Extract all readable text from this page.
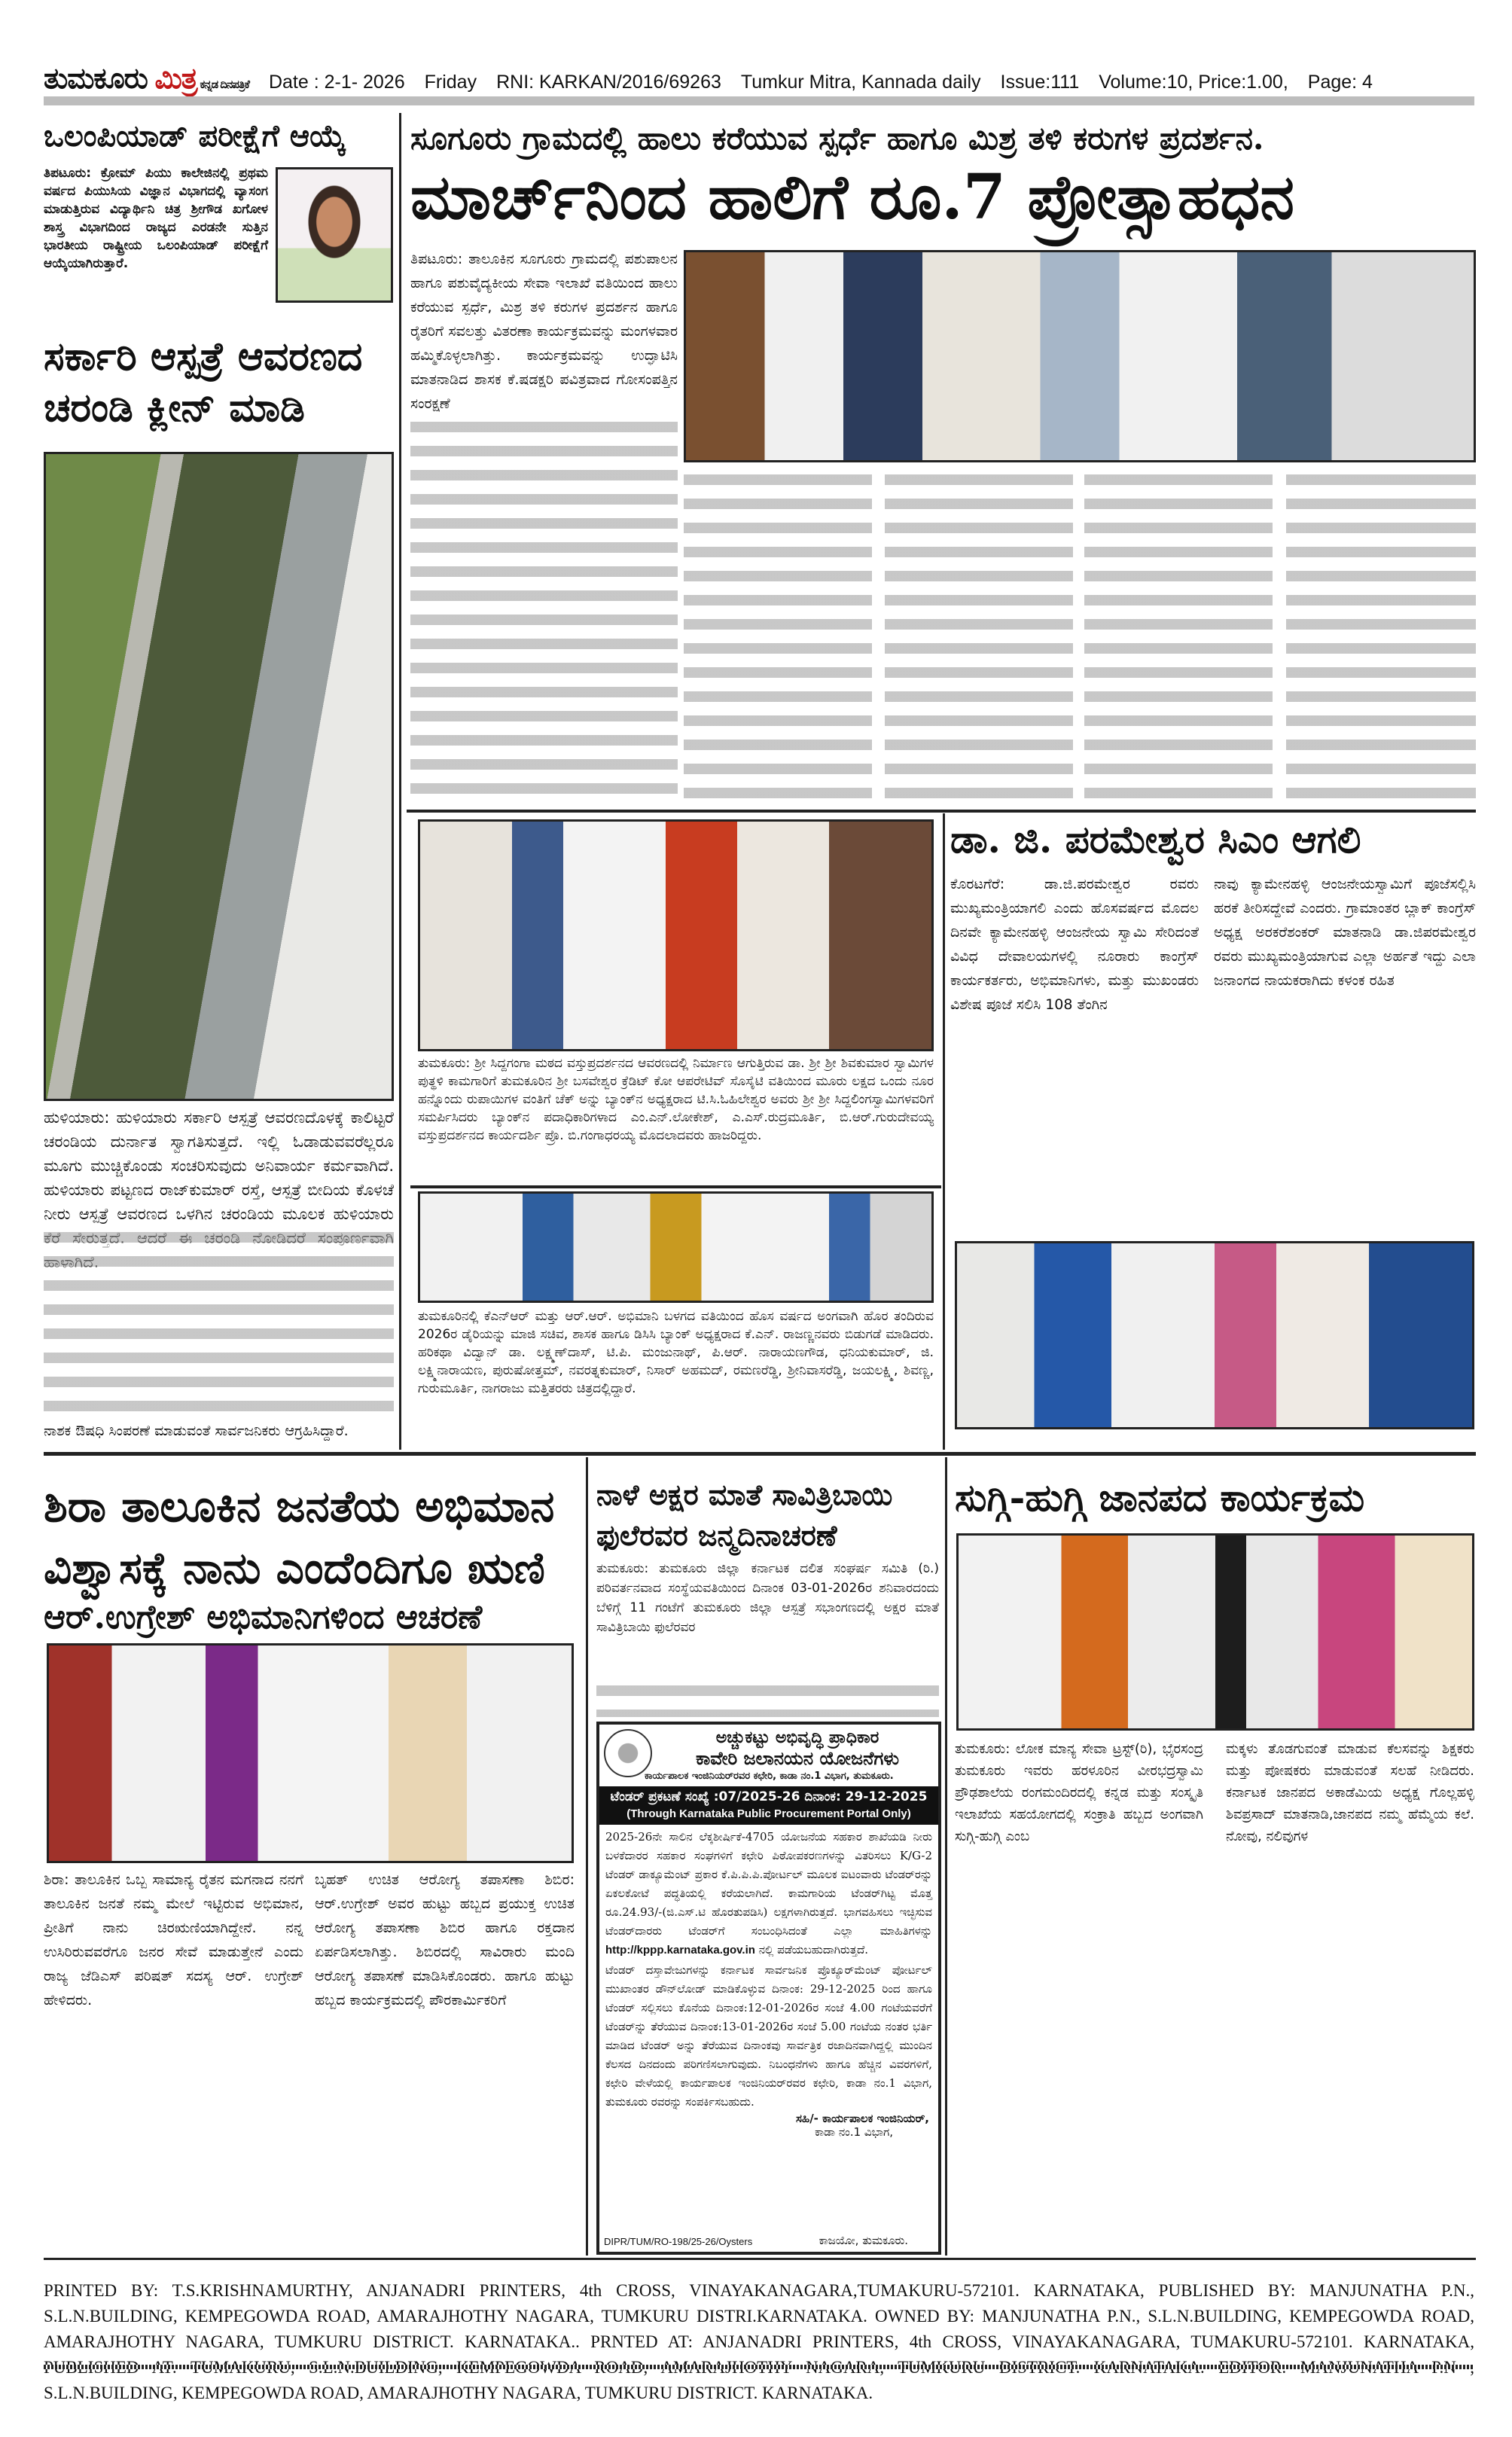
ತುಮಕೂರು ಮಿತ್ರ ಕನ್ನಡ ದಿನಪತ್ರಿಕೆ Date : 2-1- 2026 Friday RNI: KARKAN/2016/69263 Tumkur Mitra, Kannada daily Issue:111 Volume:10, Price:1.00, Page: 4
ಒಲಂಪಿಯಾಡ್ ಪರೀಕ್ಷೆಗೆ ಆಯ್ಕೆ
ತಿಪಟೂರು: ಕ್ರೋಮ್ ಪಿಯು ಕಾಲೇಜಿನಲ್ಲಿ ಪ್ರಥಮ ವರ್ಷದ ಪಿಯುಸಿಯ ವಿಜ್ಞಾನ ವಿಭಾಗದಲ್ಲಿ ವ್ಯಾಸಂಗ ಮಾಡುತ್ತಿರುವ ವಿದ್ಯಾರ್ಥಿನಿ ಚಿತ್ರ ಶ್ರೀಗೌಡ ಖಗೋಳ ಶಾಸ್ತ್ರ ವಿಭಾಗದಿಂದ ರಾಜ್ಯದ ಎರಡನೇ ಸುತ್ತಿನ ಭಾರತೀಯ ರಾಷ್ಟ್ರೀಯ ಒಲಂಪಿಯಾಡ್ ಪರೀಕ್ಷೆಗೆ ಆಯ್ಕೆಯಾಗಿರುತ್ತಾರೆ.
ಸರ್ಕಾರಿ ಆಸ್ಪತ್ರೆ ಆವರಣದ ಚರಂಡಿ ಕ್ಲೀನ್ ಮಾಡಿ
ಹುಳಿಯಾರು: ಹುಳಿಯಾರು ಸರ್ಕಾರಿ ಆಸ್ಪತ್ರೆ ಆವರಣದೊಳಕ್ಕೆ ಕಾಲಿಟ್ಟರೆ ಚರಂಡಿಯ ದುರ್ನಾತ ಸ್ವಾಗತಿಸುತ್ತದೆ. ಇಲ್ಲಿ ಓಡಾಡುವವರೆಲ್ಲರೂ ಮೂಗು ಮುಚ್ಚಿಕೊಂಡು ಸಂಚರಿಸುವುದು ಅನಿವಾರ್ಯ ಕರ್ಮವಾಗಿದೆ. ಹುಳಿಯಾರು ಪಟ್ಟಣದ ರಾಜ್‌ಕುಮಾರ್ ರಸ್ತೆ, ಆಸ್ಪತ್ರೆ ಬೀದಿಯ ಕೊಳಚೆ ನೀರು ಆಸ್ಪತ್ರೆ ಆವರಣದ ಒಳಗಿನ ಚರಂಡಿಯ ಮೂಲಕ ಹುಳಿಯಾರು
ನಾಶಕ ಔಷಧಿ ಸಿಂಪರಣೆ ಮಾಡುವಂತೆ ಸಾರ್ವಜನಿಕರು ಆಗ್ರಹಿಸಿದ್ದಾರೆ.
ಸೂಗೂರು ಗ್ರಾಮದಲ್ಲಿ ಹಾಲು ಕರೆಯುವ ಸ್ಪರ್ಧೆ ಹಾಗೂ ಮಿಶ್ರ ತಳಿ ಕರುಗಳ ಪ್ರದರ್ಶನ.
ಮಾರ್ಚ್‌ನಿಂದ ಹಾಲಿಗೆ ರೂ.7 ಪ್ರೋತ್ಸಾಹಧನ
ತಿಪಟೂರು: ತಾಲೂಕಿನ ಸೂಗೂರು ಗ್ರಾಮದಲ್ಲಿ ಪಶುಪಾಲನ ಹಾಗೂ ಪಶುವೈದ್ಯಕೀಯ ಸೇವಾ ಇಲಾಖೆ ವತಿಯಿಂದ ಹಾಲು ಕರೆಯುವ ಸ್ಪರ್ಧೆ, ಮಿಶ್ರ ತಳಿ ಕರುಗಳ ಪ್ರದರ್ಶನ ಹಾಗೂ ರೈತರಿಗೆ ಸವಲತ್ತು ವಿತರಣಾ ಕಾರ್ಯಕ್ರಮವನ್ನು ಮಂಗಳವಾರ ಹಮ್ಮಿಕೊಳ್ಳಲಾಗಿತ್ತು. ಕಾರ್ಯಕ್ರಮವನ್ನು ಉದ್ಘಾಟಿಸಿ ಮಾತನಾಡಿದ ಶಾಸಕ ಕೆ.ಷಡಕ್ಷರಿ ಪವಿತ್ರವಾದ ಗೋಸಂಪತ್ತಿನ ಸಂರಕ್ಷಣೆ
ತುಮಕೂರು: ಶ್ರೀ ಸಿದ್ದಗಂಗಾ ಮಠದ ವಸ್ತುಪ್ರದರ್ಶನದ ಆವರಣದಲ್ಲಿ ನಿರ್ಮಾಣ ಆಗುತ್ತಿರುವ ಡಾ. ಶ್ರೀ ಶ್ರೀ ಶಿವಕುಮಾರ ಸ್ವಾಮಿಗಳ ಪುತ್ಥಳಿ ಕಾಮಗಾರಿಗೆ ತುಮಕೂರಿನ ಶ್ರೀ ಬಸವೇಶ್ವರ ಕ್ರೆಡಿಟ್ ಕೋ ಆಪರೇಟಿವ್ ಸೊಸೈಟಿ ವತಿಯಿಂದ ಮೂರು ಲಕ್ಷದ ಒಂದು ನೂರ ಹನ್ನೊಂದು ರುಪಾಯಿಗಳ ವಂತಿಗೆ ಚೆಕ್ ಅನ್ನು ಬ್ಯಾಂಕ್‌ನ ಅಧ್ಯಕ್ಷರಾದ ಟಿ.ಸಿ.ಓಹಿಲೇಶ್ವರ ಅವರು ಶ್ರೀ ಶ್ರೀ ಸಿದ್ದಲಿಂಗಸ್ವಾಮಿಗಳವರಿಗೆ ಸಮರ್ಪಿಸಿದರು ಬ್ಯಾಂಕ್‌ನ ಪದಾಧಿಕಾರಿಗಳಾದ ಎಂ.ಎನ್.ಲೋಕೇಶ್, ಎ.ಎಸ್.ರುದ್ರಮೂರ್ತಿ, ಬಿ.ಆರ್.ಗುರುದೇವಯ್ಯ ವಸ್ತುಪ್ರದರ್ಶನದ ಕಾರ್ಯದರ್ಶಿ ಪ್ರೊ. ಬಿ.ಗಂಗಾಧರಯ್ಯ ಮೊದಲಾದವರು ಹಾಜರಿದ್ದರು.
ತುಮಕೂರಿನಲ್ಲಿ ಕೆಎನ್‌ಆರ್ ಮತ್ತು ಆರ್.ಆರ್. ಅಭಿಮಾನಿ ಬಳಗದ ವತಿಯಿಂದ ಹೊಸ ವರ್ಷದ ಅಂಗವಾಗಿ ಹೊರ ತಂದಿರುವ 2026ರ ಡೈರಿಯನ್ನು ಮಾಜಿ ಸಚಿವ, ಶಾಸಕ ಹಾಗೂ ಡಿಸಿಸಿ ಬ್ಯಾಂಕ್ ಅಧ್ಯಕ್ಷರಾದ ಕೆ.ಎನ್. ರಾಜಣ್ಣನವರು ಬಿಡುಗಡೆ ಮಾಡಿದರು. ಹರಿಕಥಾ ವಿದ್ವಾನ್ ಡಾ. ಲಕ್ಷ್ಮಣ್‌ದಾಸ್, ಟಿ.ಪಿ. ಮಂಜುನಾಥ್, ಪಿ.ಆರ್. ನಾರಾಯಣಗೌಡ, ಧನಿಯಕುಮಾರ್, ಜಿ. ಲಕ್ಷ್ಮಿನಾರಾಯಣ, ಪುರುಷೋತ್ತಮ್, ನವರತ್ನಕುಮಾರ್, ನಿಸಾರ್ ಅಹಮದ್, ರಮಣರೆಡ್ಡಿ, ಶ್ರೀನಿವಾಸರೆಡ್ಡಿ, ಜಯಲಕ್ಷ್ಮಿ, ಶಿವಣ್ಣ, ಗುರುಮೂರ್ತಿ, ನಾಗರಾಜು ಮತ್ತಿತರರು ಚಿತ್ರದಲ್ಲಿದ್ದಾರೆ.
ಡಾ. ಜಿ. ಪರಮೇಶ್ವರ ಸಿಎಂ ಆಗಲಿ
ಕೊರಟಗೆರೆ: ಡಾ.ಜಿ.ಪರಮೇಶ್ವರ ರವರು ಮುಖ್ಯಮಂತ್ರಿಯಾಗಲಿ ಎಂದು ಹೊಸವರ್ಷದ ಮೊದಲ ದಿನವೇ ಕ್ಯಾಮೇನಹಳ್ಳಿ ಆಂಜನೇಯ ಸ್ವಾಮಿ ಸೇರಿದಂತೆ ವಿವಿಧ ದೇವಾಲಯಗಳಲ್ಲಿ ನೂರಾರು ಕಾಂಗ್ರೆಸ್ ಕಾರ್ಯಕರ್ತರು, ಅಭಿಮಾನಿಗಳು, ಮತ್ತು ಮುಖಂಡರು ವಿಶೇಷ ಪೂಜೆ ಸಲಿಸಿ 108 ತೆಂಗಿನ
ನಾವು ಕ್ಯಾಮೇನಹಳ್ಳಿ ಆಂಜನೇಯಸ್ವಾಮಿಗೆ ಪೂಜೆಸಲ್ಲಿಸಿ ಹರಕೆ ತೀರಿಸದ್ದೇವೆ ಎಂದರು. ಗ್ರಾಮಾಂತರ ಬ್ಲಾಕ್ ಕಾಂಗ್ರೆಸ್ ಅಧ್ಯಕ್ಷ ಅರಕರೆಶಂಕರ್ ಮಾತನಾಡಿ ಡಾ.ಜಿಪರಮೇಶ್ವರ ರವರು ಮುಖ್ಯಮಂತ್ರಿಯಾಗುವ ಎಲ್ಲಾ ಅರ್ಹತೆ ಇದ್ದು ಎಲಾ ಜನಾಂಗದ ನಾಯಕರಾಗಿದು ಕಳಂಕ ರಹಿತ
ಶಿರಾ ತಾಲೂಕಿನ ಜನತೆಯ ಅಭಿಮಾನ
ವಿಶ್ವಾಸಕ್ಕೆ ನಾನು ಎಂದೆಂದಿಗೂ ಋಣಿ
ಆರ್.ಉಗ್ರೇಶ್ ಅಭಿಮಾನಿಗಳಿಂದ ಆಚರಣೆ
ಶಿರಾ: ತಾಲೂಕಿನ ಒಬ್ಬ ಸಾಮಾನ್ಯ ರೈತನ ಮಗನಾದ ನನಗೆ ತಾಲೂಕಿನ ಜನತೆ ನಮ್ಮ ಮೇಲೆ ಇಟ್ಟಿರುವ ಅಭಿಮಾನ, ಪ್ರೀತಿಗೆ ನಾನು ಚಿರಋಣಿಯಾಗಿದ್ದೇನೆ. ನನ್ನ ಉಸಿರಿರುವವರೆಗೂ ಜನರ ಸೇವೆ ಮಾಡುತ್ತೇನೆ ಎಂದು ರಾಜ್ಯ ಜೆಡಿಎಸ್ ಪರಿಷತ್ ಸದಸ್ಯ ಆರ್. ಉಗ್ರೇಶ್ ಹೇಳಿದರು.
ಬೃಹತ್ ಉಚಿತ ಆರೋಗ್ಯ ತಪಾಸಣಾ ಶಿಬಿರ: ಆರ್.ಉಗ್ರೇಶ್ ಅವರ ಹುಟ್ಟು ಹಬ್ಬದ ಪ್ರಯುಕ್ತ ಉಚಿತ ಆರೋಗ್ಯ ತಪಾಸಣಾ ಶಿಬಿರ ಹಾಗೂ ರಕ್ತದಾನ ಏರ್ಪಡಿಸಲಾಗಿತ್ತು. ಶಿಬಿರದಲ್ಲಿ ಸಾವಿರಾರು ಮಂದಿ ಆರೋಗ್ಯ ತಪಾಸಣೆ ಮಾಡಿಸಿಕೊಂಡರು. ಹಾಗೂ ಹುಟ್ಟು ಹಬ್ಬದ ಕಾರ್ಯಕ್ರಮದಲ್ಲಿ ಪೌರಕಾರ್ಮಿಕರಿಗೆ
ನಾಳೆ ಅಕ್ಷರ ಮಾತೆ ಸಾವಿತ್ರಿಬಾಯಿ ಫುಲೆರವರ ಜನ್ಮದಿನಾಚರಣೆ
ತುಮಕೂರು: ತುಮಕೂರು ಜಿಲ್ಲಾ ಕರ್ನಾಟಕ ದಲಿತ ಸಂಘರ್ಷ ಸಮಿತಿ (ರಿ.) ಪರಿವರ್ತನವಾದ ಸಂಸ್ಥೆಯವತಿಯಿಂದ ದಿನಾಂಕ 03-01-2026ರ ಶನಿವಾರದಂದು ಬೆಳಿಗ್ಗೆ 11 ಗಂಟೆಗೆ ತುಮಕೂರು ಜಿಲ್ಲಾ ಆಸ್ಪತ್ರೆ ಸಭಾಂಗಣದಲ್ಲಿ ಅಕ್ಷರ ಮಾತೆ ಸಾವಿತ್ರಿಬಾಯಿ ಫುಲೆರವರ
ಅಚ್ಚುಕಟ್ಟು ಅಭಿವೃದ್ಧಿ ಪ್ರಾಧಿಕಾರ
ಕಾವೇರಿ ಜಲಾನಯನ ಯೋಜನೆಗಳು
ಕಾರ್ಯಪಾಲಕ ಇಂಜಿನಿಯರ್‌ರವರ ಕಛೇರಿ, ಕಾಡಾ ನಂ.1 ವಿಭಾಗ, ತುಮಕೂರು.
ಟೆಂಡರ್ ಪ್ರಕಟಣೆ ಸಂಖ್ಯೆ :07/2025-26 ದಿನಾಂಕ: 29-12-2025
(Through Karnataka Public Procurement Portal Only)
2025-26ನೇ ಸಾಲಿನ ಲೆಕ್ಕಶೀರ್ಷಿಕೆ-4705 ಯೋಜನೆಯ ಸಹಕಾರ ಶಾಖೆಯಡಿ ನೀರು ಬಳಕೆದಾರರ ಸಹಕಾರ ಸಂಘಗಳಿಗೆ ಕಛೇರಿ ಪಿಠೋಪಕರಣಗಳನ್ನು ವಿತರಿಸಲು K/G-2 ಟೆಂಡರ್ ಡಾಕ್ಯೂಮೆಂಟ್ ಪ್ರಕಾರ ಕೆ.ಪಿ.ಪಿ.ಪಿ.ಪೋರ್ಟಲ್ ಮೂಲಕ ಐಟಂವಾರು ಟೆಂಡರ್‌ರನ್ನು ಏಕಲಕೋಟೆ ಪದ್ಧತಿಯಲ್ಲಿ ಕರೆಯಲಾಗಿದೆ. ಕಾಮಗಾರಿಯ ಟೆಂಡರ್‌ಗಿಟ್ಟ ಮೊತ್ತ ರೂ.24.93/-(ಜಿ.ಎಸ್.ಟಿ ಹೊರತುಪಡಿಸಿ) ಲಕ್ಷಗಳಾಗಿರುತ್ತದೆ. ಭಾಗವಹಿಸಲು ಇಚ್ಛಿಸುವ ಟೆಂಡರ್‌ದಾರರು ಟೆಂಡರ್‌ಗೆ ಸಂಬಂಧಿಸಿದಂತೆ ಎಲ್ಲಾ ಮಾಹಿತಿಗಳನ್ನು http://kppp.karnataka.gov.in ನಲ್ಲಿ ಪಡೆಯಬಹುದಾಗಿರುತ್ತದೆ.
ಟೆಂಡರ್ ದಸ್ತಾವೇಜುಗಳನ್ನು ಕರ್ನಾಟಕ ಸಾರ್ವಜನಿಕ ಪ್ರೊಕ್ಯೂರ್‌ಮೆಂಟ್ ಪೋರ್ಟಲ್ ಮುಖಾಂತರ ಡೌನ್‌ಲೋಡ್ ಮಾಡಿಕೊಳ್ಳುವ ದಿನಾಂಕ: 29-12-2025 ರಿಂದ ಹಾಗೂ ಟೆಂಡರ್ ಸಲ್ಲಿಸಲು ಕೊನೆಯ ದಿನಾಂಕ:12-01-2026ರ ಸಂಜೆ 4.00 ಗಂಟೆಯವರೆಗೆ ಟೆಂಡರ್‌ನ್ನು ತೆರೆಯುವ ದಿನಾಂಕ:13-01-2026ರ ಸಂಜೆ 5.00 ಗಂಟೆಯ ನಂತರ ಭರ್ತಿ ಮಾಡಿದ ಟೆಂಡರ್ ಅನ್ನು ತೆರೆಯುವ ದಿನಾಂಕವು ಸಾರ್ವತ್ರಿಕ ರಜಾದಿನವಾಗಿದ್ದಲ್ಲಿ ಮುಂದಿನ ಕೆಲಸದ ದಿನದಂದು ಪರಿಗಣಿಸಲಾಗುವುದು. ನಿಬಂಧನೆಗಳು ಹಾಗೂ ಹೆಚ್ಚಿನ ವಿವರಗಳಿಗೆ, ಕಛೇರಿ ವೇಳೆಯಲ್ಲಿ ಕಾರ್ಯಪಾಲಕ ಇಂಜಿನಿಯರ್‌ರವರ ಕಛೇರಿ, ಕಾಡಾ ನಂ.1 ವಿಭಾಗ, ತುಮಕೂರು ರವರನ್ನು ಸಂಪರ್ಕಿಸಬಹುದು.
ಸಹಿ/- ಕಾರ್ಯಪಾಲಕ ಇಂಜಿನಿಯರ್,
ಕಾಡಾ ನಂ.1 ವಿಭಾಗ,
DIPR/TUM/RO-198/25-26/Oysters	ಕಾಜಯೋ, ತುಮಕೂರು.
ಸುಗ್ಗಿ-ಹುಗ್ಗಿ ಜಾನಪದ ಕಾರ್ಯಕ್ರಮ
ತುಮಕೂರು: ಲೋಕ ಮಾನ್ಯ ಸೇವಾ ಟ್ರಸ್ಟ್(ರಿ), ಭೈರಸಂದ್ರ ತುಮಕೂರು ಇವರು ಹರಳೂರಿನ ವೀರಭದ್ರಸ್ವಾಮಿ ಪ್ರೌಢಶಾಲೆಯ ರಂಗಮಂದಿರದಲ್ಲಿ ಕನ್ನಡ ಮತ್ತು ಸಂಸ್ಕೃತಿ ಇಲಾಖೆಯ ಸಹಯೋಗದಲ್ಲಿ ಸಂಕ್ರಾತಿ ಹಬ್ಬದ ಅಂಗವಾಗಿ ಸುಗ್ಗಿ-ಹುಗ್ಗಿ ಎಂಬ
ಮಕ್ಕಳು ತೊಡಗುವಂತೆ ಮಾಡುವ ಕೆಲಸವನ್ನು ಶಿಕ್ಷಕರು ಮತ್ತು ಪೋಷಕರು ಮಾಡುವಂತೆ ಸಲಹೆ ನೀಡಿದರು. ಕರ್ನಾಟಕ ಜಾನಪದ ಅಕಾಡೆಮಿಯ ಅಧ್ಯಕ್ಷ ಗೊಲ್ಲಹಳ್ಳಿ ಶಿವಪ್ರಸಾದ್ ಮಾತನಾಡಿ,ಜಾನಪದ ನಮ್ಮ ಹೆಮ್ಮೆಯ ಕಲೆ. ನೋವು, ನಲಿವುಗಳ
PRINTED BY: T.S.KRISHNAMURTHY, ANJANADRI PRINTERS, 4th CROSS, VINAYAKANAGARA,TUMAKURU-572101. KARNATAKA, PUBLISHED BY: MANJUNATHA P.N., S.L.N.BUILDING, KEMPEGOWDA ROAD, AMARAJHOTHY NAGARA, TUMKURU DISTRI.KARNATAKA. OWNED BY: MANJUNATHA P.N., S.L.N.BUILDING, KEMPEGOWDA ROAD, AMARAJHOTHY NAGARA, TUMKURU DISTRICT. KARNATAKA.. PRNTED AT: ANJANADRI PRINTERS, 4th CROSS, VINAYAKANAGARA, TUMAKURU-572101. KARNATAKA, S.L.N.BUILDING, KEMPEGOWDA ROAD, AMARAJHOTHY NAGARA, TUMKURU DISTRICT. KARNATAKA.
